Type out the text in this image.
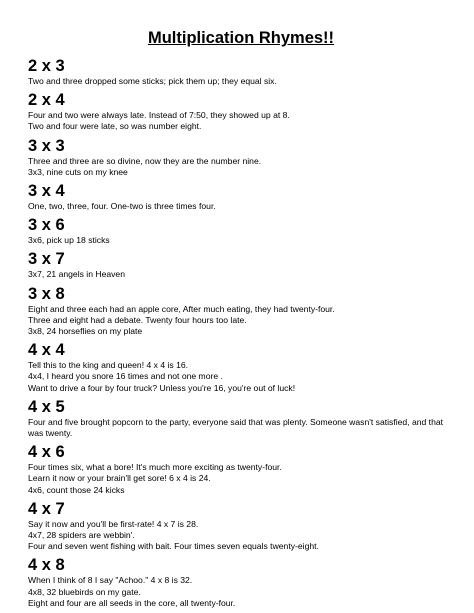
Multiplication Rhymes!!
2 x 3
Two and three dropped some sticks; pick them up; they equal six.
2 x 4
Four and two were always late. Instead of 7:50, they showed up at 8.
Two and four were late, so was number eight.
3 x 3
Three and three are so divine, now they are the number nine.
3x3, nine cuts on my knee
3 x 4
One, two, three, four. One-two is three times four.
3 x 6
3x6, pick up 18 sticks
3 x 7
3x7, 21 angels in Heaven
3 x 8
Eight and three each had an apple core, After much eating, they had twenty-four.
Three and eight had a debate. Twenty four hours too late.
3x8, 24 horseflies on my plate
4 x 4
Tell this to the king and queen! 4 x 4 is 16.
4x4, I heard you snore 16 times and not one more .
Want to drive a four by four truck? Unless you're 16, you're out of luck!
4 x 5
Four and five brought popcorn to the party, everyone said that was plenty. Someone wasn't satisfied, and that was twenty.
4 x 6
Four times six, what a bore! It's much more exciting as twenty-four.
Learn it now or your brain'll get sore! 6 x 4 is 24.
4x6, count those 24 kicks
4 x 7
Say it now and you'll be first-rate! 4 x 7 is 28.
4x7, 28 spiders are webbin'.
Four and seven went fishing with bait. Four times seven equals twenty-eight.
4 x 8
When I think of 8 I say "Achoo." 4 x 8 is 32.
4x8, 32 bluebirds on my gate.
Eight and four are all seeds in the core, all twenty-four.
